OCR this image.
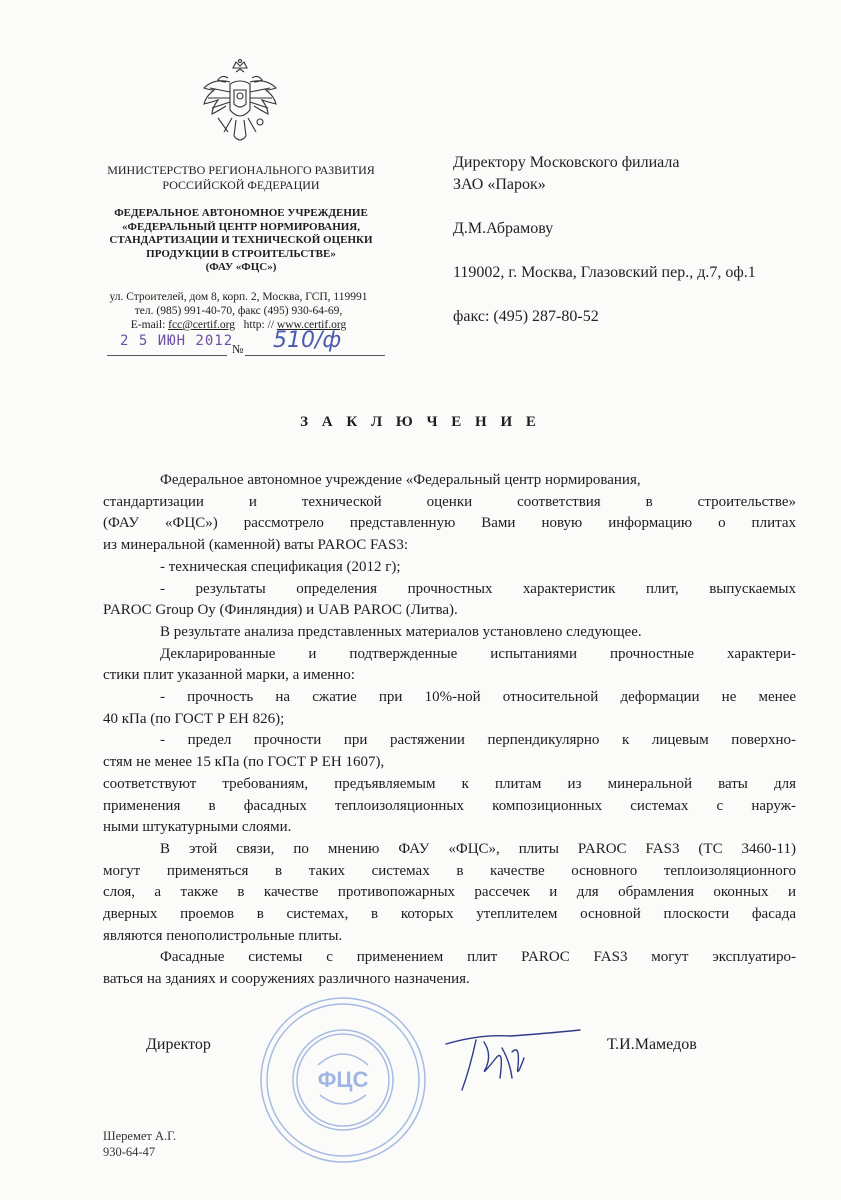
МИНИСТЕРСТВО РЕГИОНАЛЬНОГО РАЗВИТИЯ
РОССИЙСКОЙ ФЕДЕРАЦИИ
ФЕДЕРАЛЬНОЕ АВТОНОМНОЕ УЧРЕЖДЕНИЕ
«ФЕДЕРАЛЬНЫЙ ЦЕНТР НОРМИРОВАНИЯ,
СТАНДАРТИЗАЦИИ И ТЕХНИЧЕСКОЙ ОЦЕНКИ
ПРОДУКЦИИ В СТРОИТЕЛЬСТВЕ»
(ФАУ «ФЦС»)
ул. Строителей, дом 8, корп. 2, Москва, ГСП, 119991
тел. (985) 991-40-70, факс (495) 930-64-69,
E-mail: fcc@certif.org http: // www.certif.org
2 5 ИЮН 2012
№ 510/ф
Директору Московского филиала
ЗАО «Парок»
Д.М.Абрамову
119002, г. Москва, Глазовский пер., д.7, оф.1
факс: (495) 287-80-52
З А К Л Ю Ч Е Н И Е

Федеральное автономное учреждение «Федеральный центр нормирования,

стандартизации и технической оценки соответствия в строительстве»

(ФАУ «ФЦС») рассмотрело представленную Вами новую информацию о плитах

из минеральной (каменной) ваты PAROC FAS3:

- техническая спецификация (2012 г);

- результаты определения прочностных характеристик плит, выпускаемых

PAROC Group Oy (Финляндия) и UAB PAROC (Литва).

В результате анализа представленных материалов установлено следующее.

Декларированные и подтвержденные испытаниями прочностные характери-

стики плит указанной марки, а именно:

- прочность на сжатие при 10%-ной относительной деформации не менее

40 кПа (по ГОСТ Р ЕН 826);

- предел прочности при растяжении перпендикулярно к лицевым поверхно-

стям не менее 15 кПа (по ГОСТ Р ЕН 1607),

соответствуют требованиям, предъявляемым к плитам из минеральной ваты для

применения в фасадных теплоизоляционных композиционных системах с наруж-

ными штукатурными слоями.

В этой связи, по мнению ФАУ «ФЦС», плиты PAROC FAS3 (ТС 3460-11)

могут применяться в таких системах в качестве основного теплоизоляционного

слоя, а также в качестве противопожарных рассечек и для обрамления оконных и

дверных проемов в системах, в которых утеплителем основной плоскости фасада

являются пенополистрольные плиты.

Фасадные системы с применением плит PAROC FAS3 могут эксплуатиро-

ваться на зданиях и сооружениях различного назначения.

ФЦС
Директор	Т.И.Мамедов
Шеремет А.Г.
930-64-47
